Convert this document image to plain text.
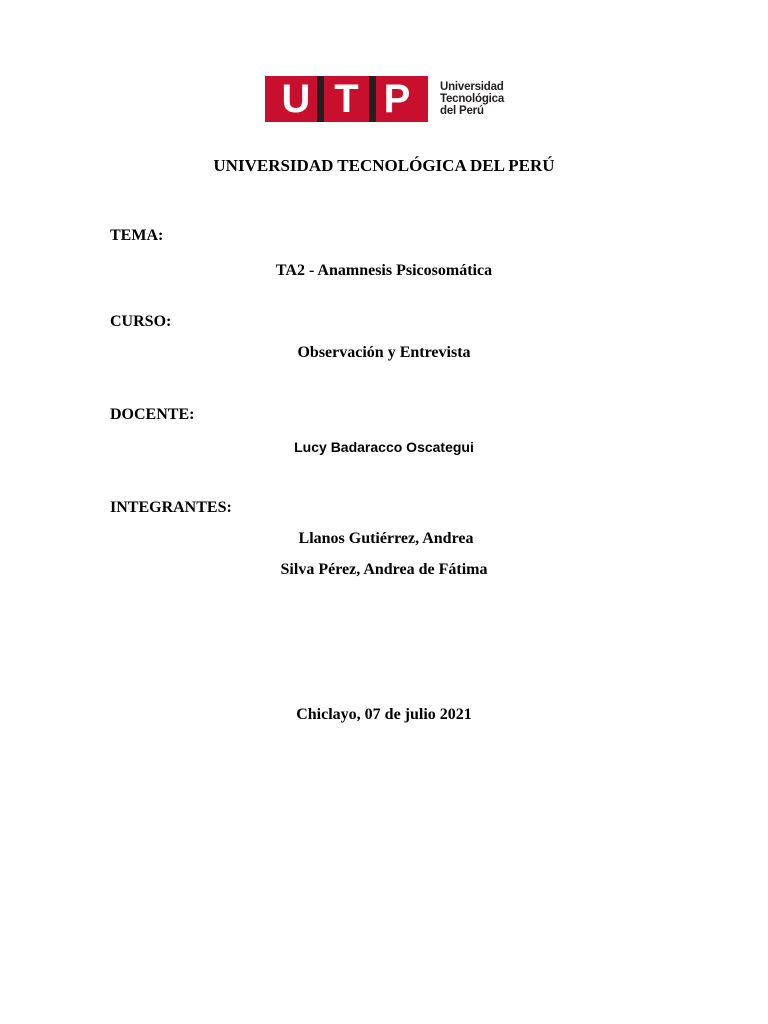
U T P	Universidad
Tecnológica
del Perú
UNIVERSIDAD TECNOLÓGICA DEL PERÚ
TEMA:
TA2 - Anamnesis Psicosomática
CURSO:
Observación y Entrevista
DOCENTE:
Lucy Badaracco Oscategui
INTEGRANTES:
Llanos Gutiérrez, Andrea
Silva Pérez, Andrea de Fátima
Chiclayo, 07 de julio 2021
